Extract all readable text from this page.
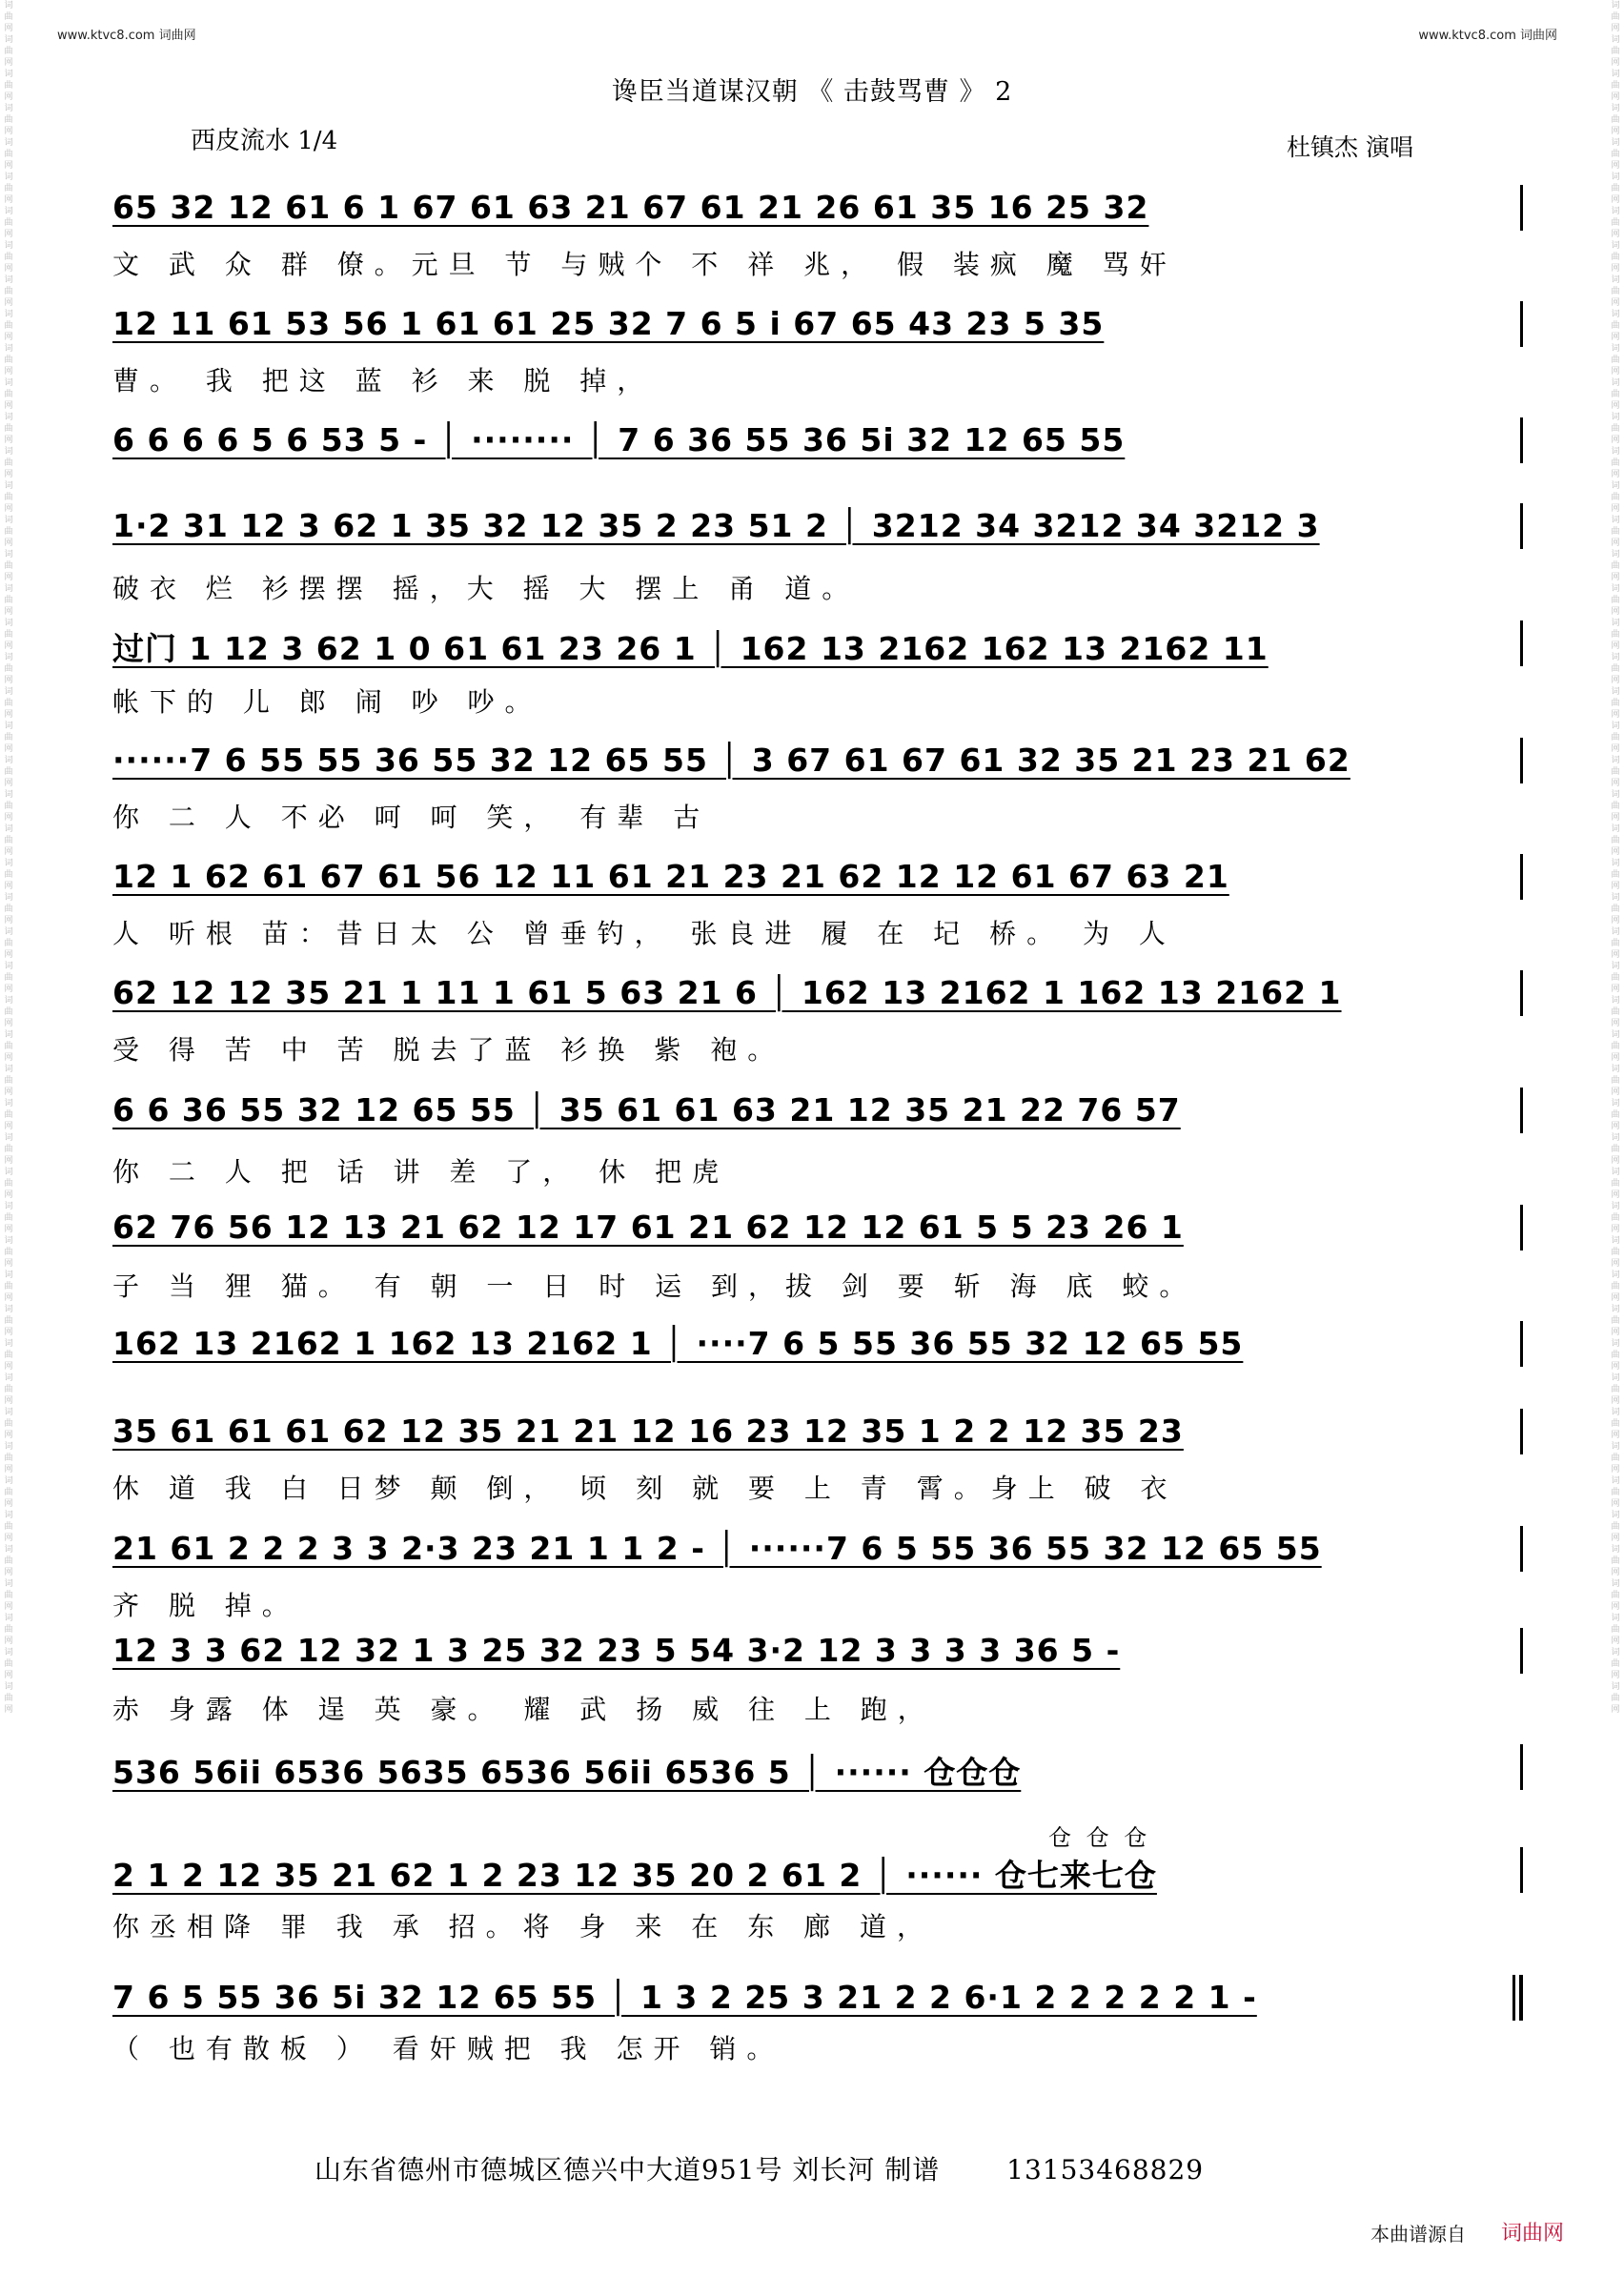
词曲网 词曲网 词曲网 词曲网 词曲网 词曲网 词曲网 词曲网 词曲网 词曲网 词曲网 词曲网 词曲网 词曲网 词曲网 词曲网 词曲网 词曲网 词曲网 词曲网 词曲网 词曲网 词曲网 词曲网 词曲网 词曲网 词曲网 词曲网 词曲网 词曲网 词曲网 词曲网 词曲网 词曲网 词曲网 词曲网 词曲网 词曲网 词曲网 词曲网 词曲网 词曲网 词曲网 词曲网 词曲网 词曲网 词曲网 词曲网 词曲网 词曲网
词曲网 词曲网 词曲网 词曲网 词曲网 词曲网 词曲网 词曲网 词曲网 词曲网 词曲网 词曲网 词曲网 词曲网 词曲网 词曲网 词曲网 词曲网 词曲网 词曲网 词曲网 词曲网 词曲网 词曲网 词曲网 词曲网 词曲网 词曲网 词曲网 词曲网 词曲网 词曲网 词曲网 词曲网 词曲网 词曲网 词曲网 词曲网 词曲网 词曲网 词曲网 词曲网 词曲网 词曲网 词曲网 词曲网 词曲网 词曲网 词曲网 词曲网
www.ktvc8.com 词曲网	www.ktvc8.com 词曲网
谗臣当道谋汉朝 《 击鼓骂曹 》 2
西皮流水 1/4	杜镇杰 演唱
65 32 12 61 6 1 67 61 63 21 67 61 21 26 61 35 16 25 32
文 武 众 群 僚。元旦 节 与贼个 不 祥 兆， 假 装疯 魔 骂奸
12 11 61 53 56 1 61 61 25 32 7 6 5 i 67 65 43 23 5 35
曹。 我 把这 蓝 衫 来 脱 掉，
6 6 6 6 5 6 53 5 - │ ········ │ 7 6 36 55 36 5i 32 12 65 55
1·2 31 12 3 62 1 35 32 12 35 2 23 51 2 │ 3212 34 3212 34 3212 3
破衣 烂 衫摆摆 摇，大 摇 大 摆上 甬 道。
过门 1 12 3 62 1 0 61 61 23 26 1 │ 162 13 2162 162 13 2162 11
帐下的 儿 郎 闹 吵 吵。
······7 6 55 55 36 55 32 12 65 55 │ 3 67 61 67 61 32 35 21 23 21 62
你 二 人 不必 呵 呵 笑， 有辈 古
12 1 62 61 67 61 56 12 11 61 21 23 21 62 12 12 61 67 63 21
人 听根 苗：昔日太 公 曾垂钓， 张良进 履 在 圮 桥。 为 人
62 12 12 35 21 1 11 1 61 5 63 21 6 │ 162 13 2162 1 162 13 2162 1
受 得 苦 中 苦 脱去了蓝 衫换 紫 袍。
6 6 36 55 32 12 65 55 │ 35 61 61 63 21 12 35 21 22 76 57
你 二 人 把 话 讲 差 了， 休 把虎
62 76 56 12 13 21 62 12 17 61 21 62 12 12 61 5 5 23 26 1
子 当 狸 猫。 有 朝 一 日 时 运 到，拔 剑 要 斩 海 底 蛟。
162 13 2162 1 162 13 2162 1 │ ····7 6 5 55 36 55 32 12 65 55
35 61 61 61 62 12 35 21 21 12 16 23 12 35 1 2 2 12 35 23
休 道 我 白 日梦 颠 倒， 顷 刻 就 要 上 青 霄。身上 破 衣
21 61 2 2 2 3 3 2·3 23 21 1 1 2 - │ ······7 6 5 55 36 55 32 12 65 55
齐 脱 掉。
12 3 3 62 12 32 1 3 25 32 23 5 54 3·2 12 3 3 3 3 36 5 -
赤 身露 体 逞 英 豪。 耀 武 扬 威 往 上 跑，
536 56ii 6536 5635 6536 56ii 6536 5 │ ······ 仓仓仓
仓 仓 仓
2 1 2 12 35 21 62 1 2 23 12 35 20 2 61 2 │ ······ 仓七来七仓
你丞相降 罪 我 承 招。将 身 来 在 东 廊 道，
7 6 5 55 36 5i 32 12 65 55 │ 1 3 2 25 3 21 2 2 6·1 2 2 2 2 2 1 -
（ 也有散板 ） 看奸贼把 我 怎开 销。
山东省德州市德城区德兴中大道951号 刘长河 制谱 13153468829
本曲谱源自 词曲网
